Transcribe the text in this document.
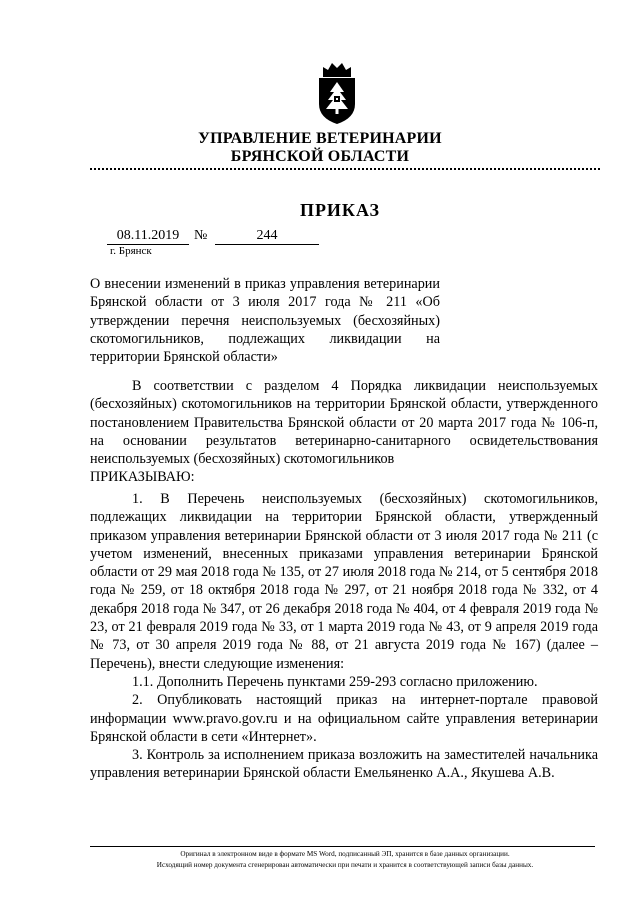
УПРАВЛЕНИЕ ВЕТЕРИНАРИИ
БРЯНСКОЙ ОБЛАСТИ
ПРИКАЗ
08.11.2019	№	244
г. Брянск
О внесении изменений в приказ управления ветеринарии Брянской области от 3 июля 2017 года № 211 «Об утверждении перечня неиспользуемых (бесхозяйных) скотомогильников, подлежащих ликвидации на территории Брянской области»
В соответствии с разделом 4 Порядка ликвидации неиспользуемых (бесхозяйных) скотомогильников на территории Брянской области, утвержденного постановлением Правительства Брянской области от 20 марта 2017 года № 106-п, на основании результатов ветеринарно-санитарного освидетельствования неиспользуемых (бесхозяйных) скотомогильников
ПРИКАЗЫВАЮ:
1. В Перечень неиспользуемых (бесхозяйных) скотомогильников, подлежащих ликвидации на территории Брянской области, утвержденный приказом управления ветеринарии Брянской области от 3 июля 2017 года № 211 (с учетом изменений, внесенных приказами управления ветеринарии Брянской области от 29 мая 2018 года № 135, от 27 июля 2018 года № 214, от 5 сентября 2018 года № 259, от 18 октября 2018 года № 297, от 21 ноября 2018 года № 332, от 4 декабря 2018 года № 347, от 26 декабря 2018 года № 404, от 4 февраля 2019 года № 23, от 21 февраля 2019 года № 33, от 1 марта 2019 года № 43, от 9 апреля 2019 года № 73, от 30 апреля 2019 года № 88, от 21 августа 2019 года № 167) (далее – Перечень), внести следующие изменения:
1.1. Дополнить Перечень пунктами 259-293 согласно приложению.
2. Опубликовать настоящий приказ на интернет-портале правовой информации www.pravo.gov.ru и на официальном сайте управления ветеринарии Брянской области в сети «Интернет».
3. Контроль за исполнением приказа возложить на заместителей начальника управления ветеринарии Брянской области Емельяненко А.А., Якушева А.В.
Оригинал в электронном виде в формате MS Word, подписанный ЭП, хранится в базе данных организации.
Исходящий номер документа сгенерирован автоматически при печати и хранится в соответствующей записи базы данных.
